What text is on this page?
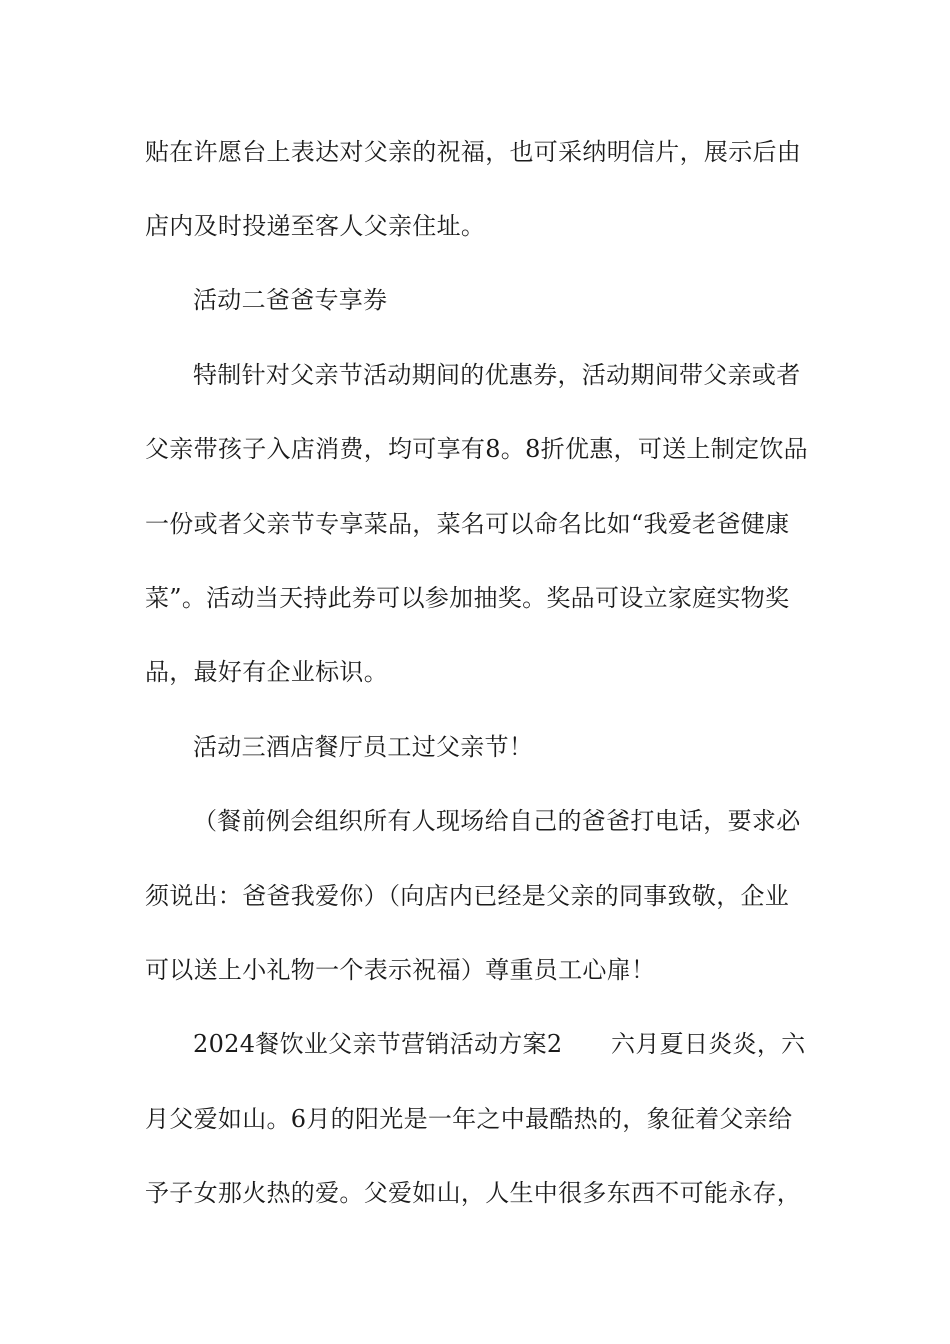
贴在许愿台上表达对父亲的祝福，也可采纳明信片，展示后由
店内及时投递至客人父亲住址。
活动二爸爸专享券
特制针对父亲节活动期间的优惠券，活动期间带父亲或者
父亲带孩子入店消费，均可享有8。8折优惠，可送上制定饮品
一份或者父亲节专享菜品，菜名可以命名比如“我爱老爸健康
菜”。活动当天持此券可以参加抽奖。奖品可设立家庭实物奖
品，最好有企业标识。
活动三酒店餐厅员工过父亲节！
（餐前例会组织所有人现场给自己的爸爸打电话，要求必
须说出：爸爸我爱你）（向店内已经是父亲的同事致敬，企业
可以送上小礼物一个表示祝福）尊重员工心扉！
2024餐饮业父亲节营销活动方案2　　六月夏日炎炎，六
月父爱如山。6月的阳光是一年之中最酷热的，象征着父亲给
予子女那火热的爱。父爱如山，人生中很多东西不可能永存，
